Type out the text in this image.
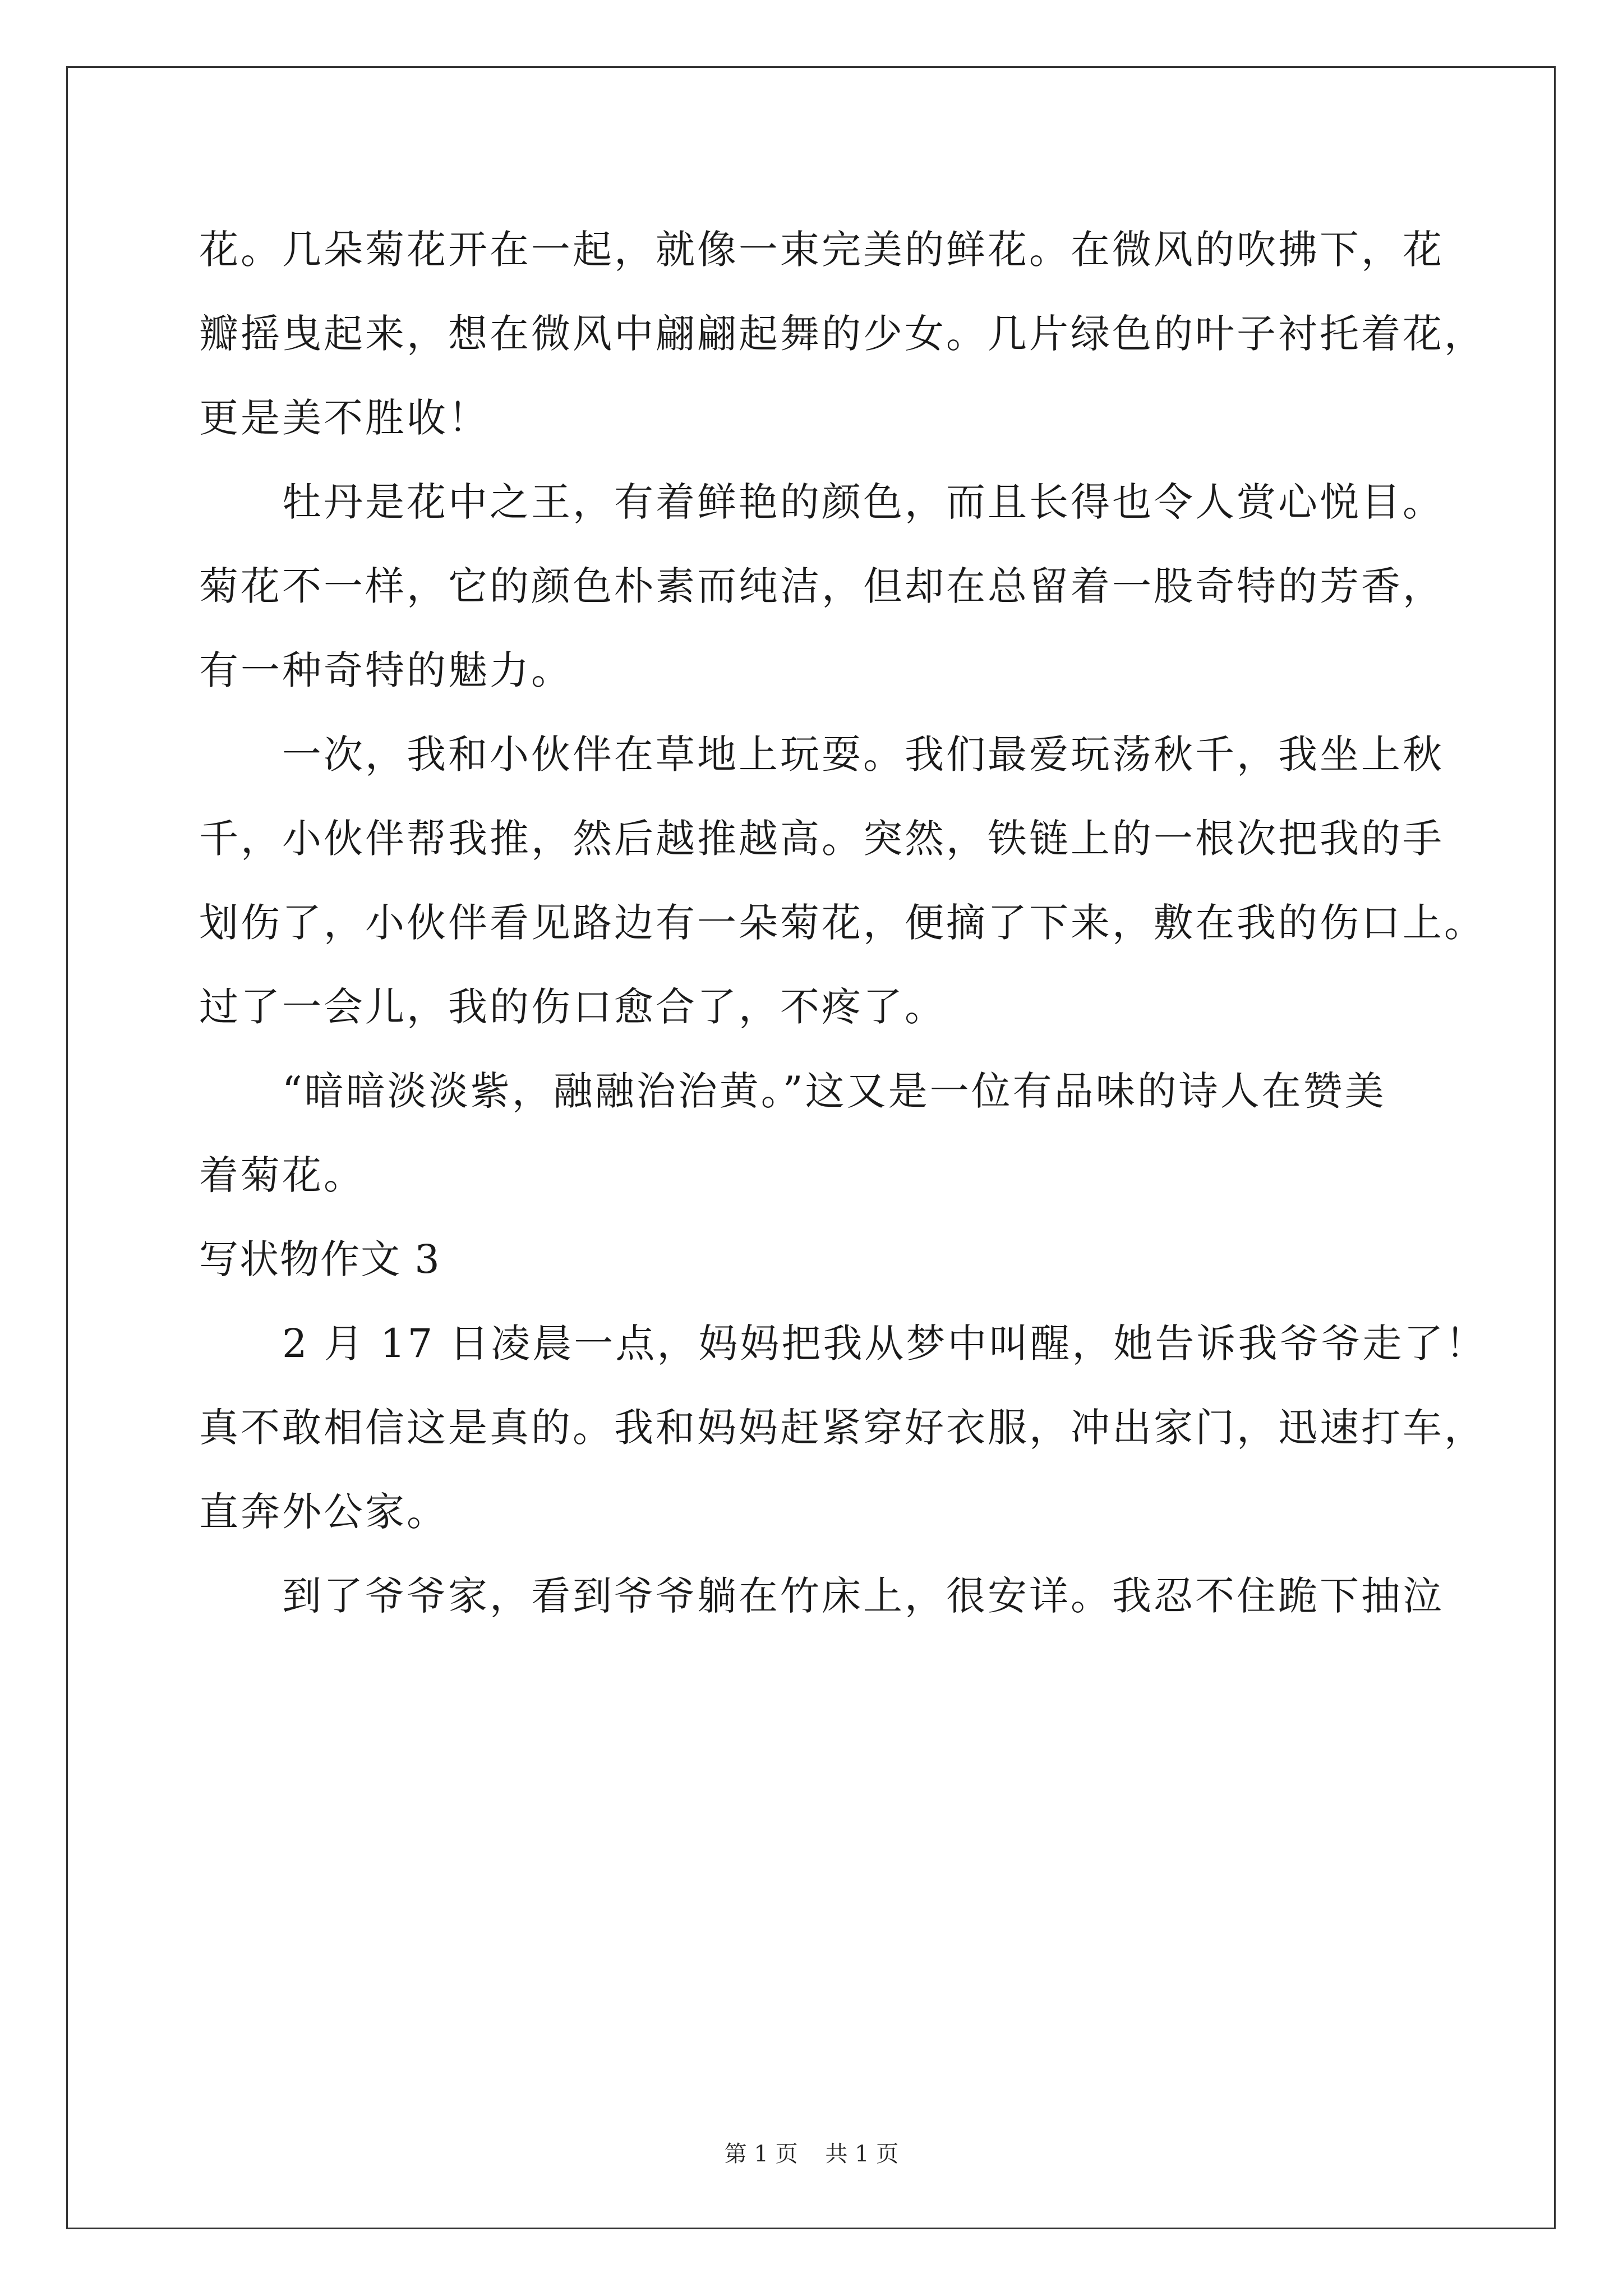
花。几朵菊花开在一起，就像一束完美的鲜花。在微风的吹拂下，花
瓣摇曳起来，想在微风中翩翩起舞的少女。几片绿色的叶子衬托着花，
更是美不胜收！
　　牡丹是花中之王，有着鲜艳的颜色，而且长得也令人赏心悦目。
菊花不一样，它的颜色朴素而纯洁，但却在总留着一股奇特的芳香，
有一种奇特的魅力。
　　一次，我和小伙伴在草地上玩耍。我们最爱玩荡秋千，我坐上秋
千，小伙伴帮我推，然后越推越高。突然，铁链上的一根次把我的手
划伤了，小伙伴看见路边有一朵菊花，便摘了下来，敷在我的伤口上。
过了一会儿，我的伤口愈合了，不疼了。
　　“暗暗淡淡紫，融融治治黄。”这又是一位有品味的诗人在赞美
着菊花。
写状物作文 3
　　2 月 17 日凌晨一点，妈妈把我从梦中叫醒，她告诉我爷爷走了！
真不敢相信这是真的。我和妈妈赶紧穿好衣服，冲出家门，迅速打车，
直奔外公家。
　　到了爷爷家，看到爷爷躺在竹床上，很安详。我忍不住跪下抽泣
第 1 页 共 1 页
